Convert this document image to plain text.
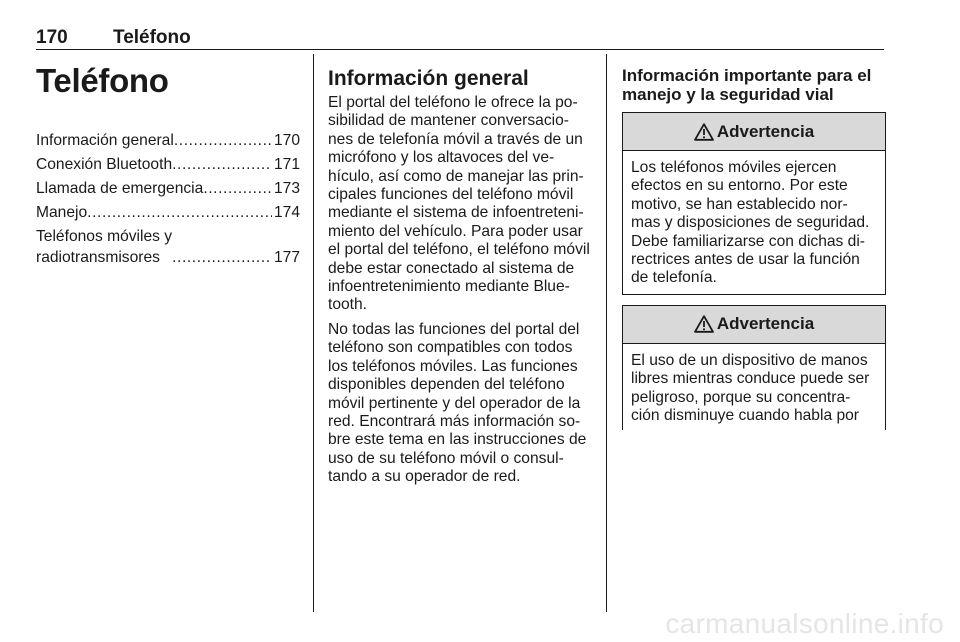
170 Teléfono
Teléfono
Información general .....	170
Conexión Bluetooth .....	171
Llamada de emergencia .....	173
Manejo .....	174
Teléfonos móviles y
radiotransmisores .....	177
Información general

El portal del teléfono le ofrece la po-
sibilidad de mantener conversacio-
nes de telefonía móvil a través de un
micrófono y los altavoces del ve-
hículo, así como de manejar las prin-
cipales funciones del teléfono móvil
mediante el sistema de infoentreteni-
miento del vehículo. Para poder usar
el portal del teléfono, el teléfono móvil
debe estar conectado al sistema de
infoentretenimiento mediante Blue-
tooth.

No todas las funciones del portal del
teléfono son compatibles con todos
los teléfonos móviles. Las funciones
disponibles dependen del teléfono
móvil pertinente y del operador de la
red. Encontrará más información so-
bre este tema en las instrucciones de
uso de su teléfono móvil o consul-
tando a su operador de red.

Información importante para el
manejo y la seguridad vial
Advertencia
Los teléfonos móviles ejercen
efectos en su entorno. Por este
motivo, se han establecido nor-
mas y disposiciones de seguridad.
Debe familiarizarse con dichas di-
rectrices antes de usar la función
de telefonía.
Advertencia
El uso de un dispositivo de manos
libres mientras conduce puede ser
peligroso, porque su concentra-
ción disminuye cuando habla por
carmanualsonline.info
